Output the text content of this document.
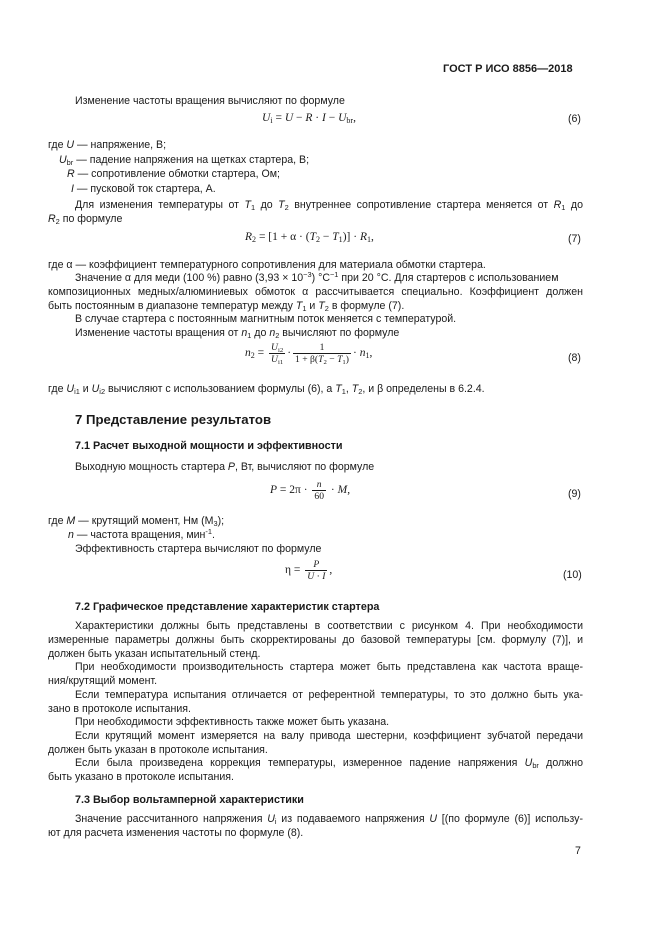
ГОСТ Р ИСО 8856—2018
Изменение частоты вращения вычисляют по формуле
$U_i = U - R \cdot I - U_{br}$,	(6)
где U — напряжение, В;
$U_{br}$ — падение напряжения на щетках стартера, В;
R — сопротивление обмотки стартера, Ом;
I — пусковой ток стартера, А.
Для изменения температуры от $T_1$ до $T_2$ внутреннее сопротивление стартера меняется от $R_1$ до
$R_2$ по формуле
$R_2 = [1 + \alpha \cdot (T_2 - T_1)] \cdot R_1$,	(7)
где α — коэффициент температурного сопротивления для материала обмотки стартера.
Значение α для меди (100 %) равно $(3,93 \times 10^{-3})$ $^\circ C^{-1}$ при 20 °C. Для стартеров с использованием
композиционных медных/алюминиевых обмоток α рассчитывается специально. Коэффициент должен
быть постоянным в диапазоне температур между $T_1$ и $T_2$ в формуле (7).
В случае стартера с постоянным магнитным поток меняется с температурой.
Изменение частоты вращения от $n_1$ до $n_2$ вычисляют по формуле
$n_2 = \frac{U_{i2}}{U_{i1}} \cdot \frac{1}{1 + \beta(T_2 - T_1)} \cdot n_1$,	(8)
где $U_{i1}$ и $U_{i2}$ вычисляют с использованием формулы (6), а $T_1$, $T_2$, и β определены в 6.2.4.
7 Представление результатов
7.1 Расчет выходной мощности и эффективности
Выходную мощность стартера P, Вт, вычисляют по формуле
$P = 2\pi \cdot \frac{n}{60} \cdot M$,	(9)
где M — крутящий момент, Нм $(M_3)$;
n — частота вращения, мин$^{-1}$.
Эффективность стартера вычисляют по формуле
$\eta = \frac{P}{U \cdot I}$ ,	(10)
7.2 Графическое представление характеристик стартера
Характеристики должны быть представлены в соответствии с рисунком 4. При необходимости
измеренные параметры должны быть скорректированы до базовой температуры [см. формулу (7)], и
должен быть указан испытательный стенд.
При необходимости производительность стартера может быть представлена как частота враще-
ния/крутящий момент.
Если температура испытания отличается от референтной температуры, то это должно быть ука-
зано в протоколе испытания.
При необходимости эффективность также может быть указана.
Если крутящий момент измеряется на валу привода шестерни, коэффициент зубчатой передачи
должен быть указан в протоколе испытания.
Если была произведена коррекция температуры, измеренное падение напряжения $U_{br}$ должно
быть указано в протоколе испытания.
7.3 Выбор вольтамперной характеристики
Значение рассчитанного напряжения $U_i$ из подаваемого напряжения U [(по формуле (6)] использу-
ют для расчета изменения частоты по формуле (8).
7
